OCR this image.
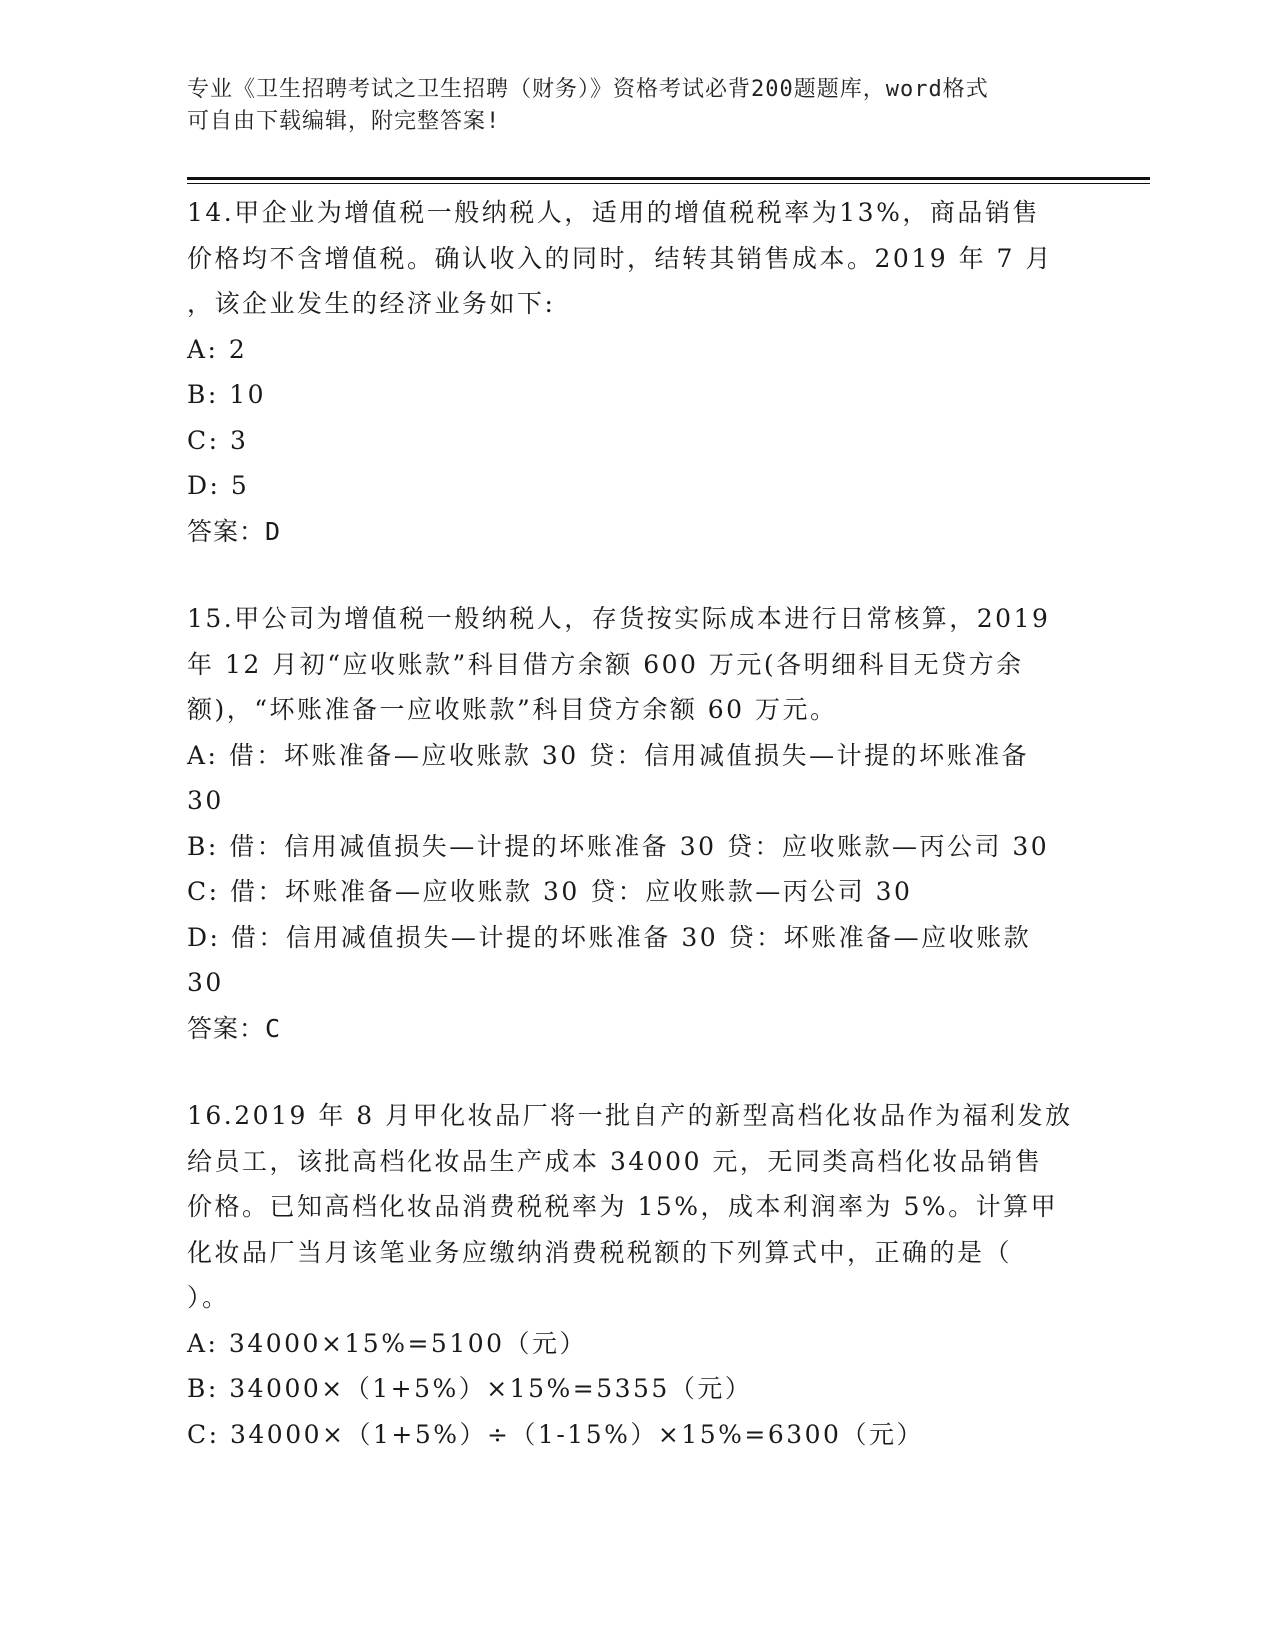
专业《卫生招聘考试之卫生招聘（财务）》资格考试必背200题题库，word格式
可自由下载编辑，附完整答案!
14.甲企业为增值税一般纳税人，适用的增值税税率为13%，商品销售
价格均不含增值税。确认收入的同时，结转其销售成本。2019 年 7 月
，该企业发生的经济业务如下:
A: 2
B: 10
C: 3
D: 5
答案：D
15.甲公司为增值税一般纳税人，存货按实际成本进行日常核算，2019
年 12 月初“应收账款”科目借方余额 600 万元(各明细科目无贷方余
额)，“坏账准备一应收账款”科目贷方余额 60 万元。
A: 借：坏账准备—应收账款 30 贷：信用减值损失—计提的坏账准备
30
B: 借：信用减值损失—计提的坏账准备 30 贷：应收账款—丙公司 30
C: 借：坏账准备—应收账款 30 贷：应收账款—丙公司 30
D: 借：信用减值损失—计提的坏账准备 30 贷：坏账准备—应收账款
30
答案：C
16.2019 年 8 月甲化妆品厂将一批自产的新型高档化妆品作为福利发放
给员工，该批高档化妆品生产成本 34000 元，无同类高档化妆品销售
价格。已知高档化妆品消费税税率为 15%，成本利润率为 5%。计算甲
化妆品厂当月该笔业务应缴纳消费税税额的下列算式中，正确的是（
）。
A: 34000×15%=5100（元）
B: 34000×（1+5%）×15%=5355（元）
C: 34000×（1+5%）÷（1-15%）×15%=6300（元）
